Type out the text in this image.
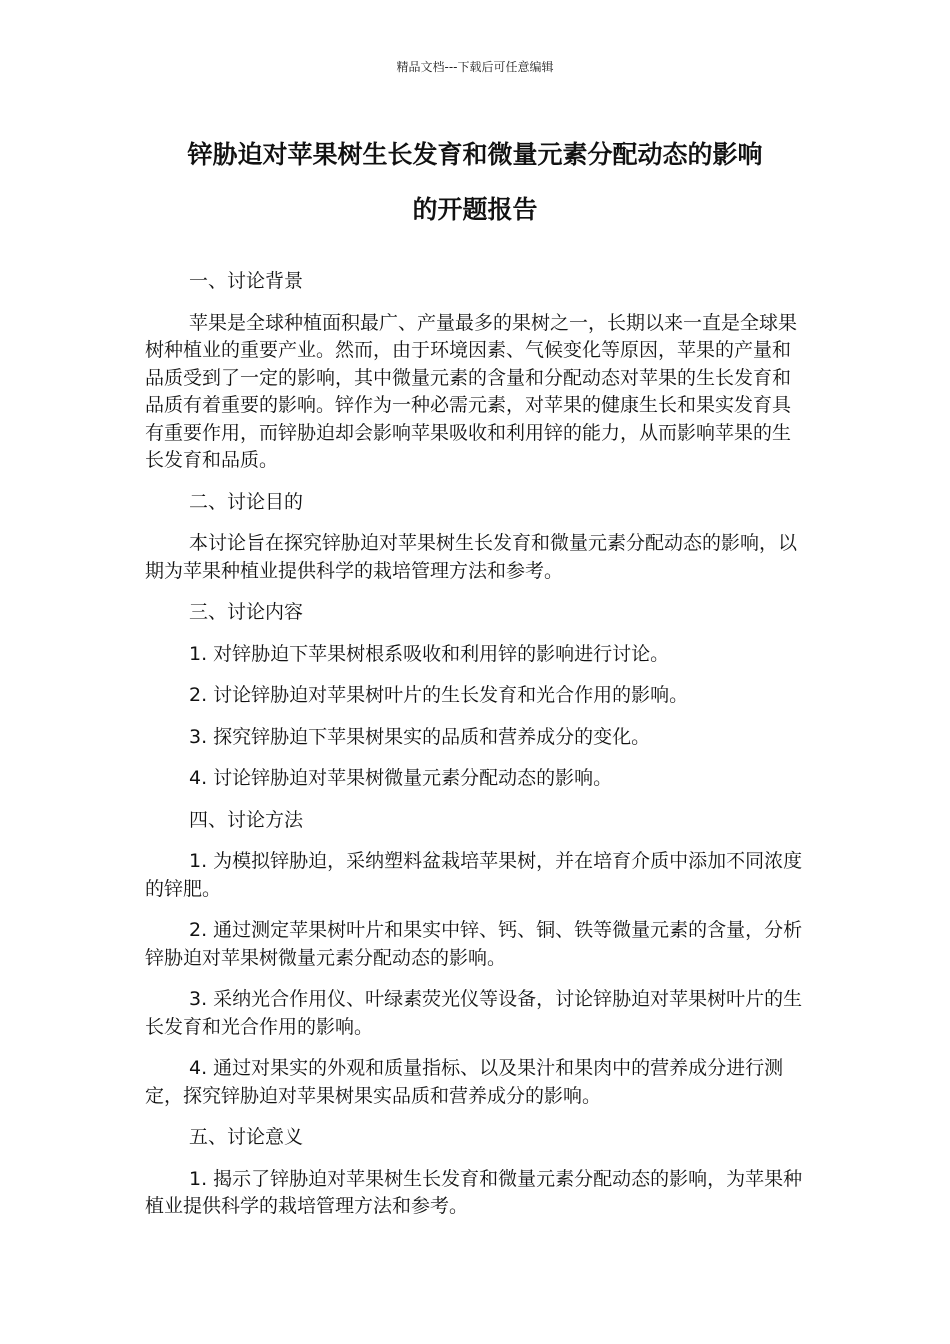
精品文档---下载后可任意编辑
锌胁迫对苹果树生长发育和微量元素分配动态的影响
的开题报告

一、讨论背景

苹果是全球种植面积最广、产量最多的果树之一，长期以来一直是全球果树种植业的重要产业。然而，由于环境因素、气候变化等原因，苹果的产量和品质受到了一定的影响，其中微量元素的含量和分配动态对苹果的生长发育和品质有着重要的影响。锌作为一种必需元素，对苹果的健康生长和果实发育具有重要作用，而锌胁迫却会影响苹果吸收和利用锌的能力，从而影响苹果的生长发育和品质。

二、讨论目的

本讨论旨在探究锌胁迫对苹果树生长发育和微量元素分配动态的影响，以期为苹果种植业提供科学的栽培管理方法和参考。

三、讨论内容

1. 对锌胁迫下苹果树根系吸收和利用锌的影响进行讨论。

2. 讨论锌胁迫对苹果树叶片的生长发育和光合作用的影响。

3. 探究锌胁迫下苹果树果实的品质和营养成分的变化。

4. 讨论锌胁迫对苹果树微量元素分配动态的影响。

四、讨论方法

1. 为模拟锌胁迫，采纳塑料盆栽培苹果树，并在培育介质中添加不同浓度的锌肥。

2. 通过测定苹果树叶片和果实中锌、钙、铜、铁等微量元素的含量，分析锌胁迫对苹果树微量元素分配动态的影响。

3. 采纳光合作用仪、叶绿素荧光仪等设备，讨论锌胁迫对苹果树叶片的生长发育和光合作用的影响。

4. 通过对果实的外观和质量指标、以及果汁和果肉中的营养成分进行测定，探究锌胁迫对苹果树果实品质和营养成分的影响。

五、讨论意义

1. 揭示了锌胁迫对苹果树生长发育和微量元素分配动态的影响，为苹果种植业提供科学的栽培管理方法和参考。
